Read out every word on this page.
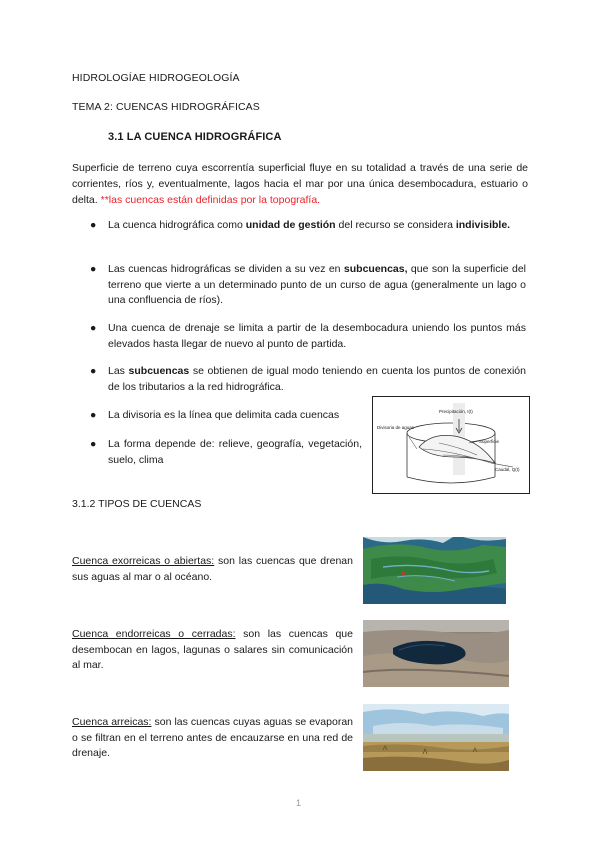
HIDROLOGÍAE HIDROGEOLOGÍA
TEMA 2: CUENCAS HIDROGRÁFICAS
3.1 LA CUENCA HIDROGRÁFICA
Superficie de terreno cuya escorrentía superficial fluye en su totalidad a través de una serie de corrientes, ríos y, eventualmente, lagos hacia el mar por una única desembocadura, estuario o delta. **las cuencas están definidas por la topografía.
●	La cuenca hidrográfica como unidad de gestión del recurso se considera indivisible.
●	Las cuencas hidrográficas se dividen a su vez en subcuencas, que son la superficie del terreno que vierte a un determinado punto de un curso de agua (generalmente un lago o una confluencia de ríos).
●	Una cuenca de drenaje se limita a partir de la desembocadura uniendo los puntos más elevados hasta llegar de nuevo al punto de partida.
●	Las subcuencas se obtienen de igual modo teniendo en cuenta los puntos de conexión de los tributarios a la red hidrográfica.
●	La divisoria es la línea que delimita cada cuencas
●	La forma depende de: relieve, geografía, vegetación, suelo, clima
Precipitación, I(t)
Divisoria de aguas
Superficie
Caudal, Q(t)
3.1.2 TIPOS DE CUENCAS
Cuenca exorreicas o abiertas: son las cuencas que drenan sus aguas al mar o al océano.
Cuenca endorreicas o cerradas: son las cuencas que desembocan en lagos, lagunas o salares sin comunicación al mar.
Cuenca arreicas: son las cuencas cuyas aguas se evaporan o se filtran en el terreno antes de encauzarse en una red de drenaje.
1
